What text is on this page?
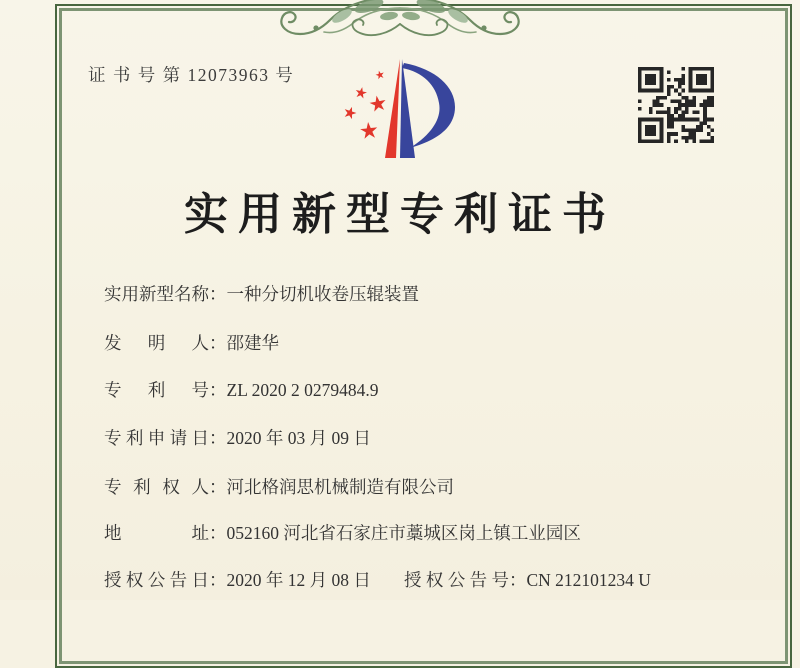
证 书 号 第 12073963 号
实用新型专利证书
实用新型名称：一种分切机收卷压辊装置
发明人：邵建华
专利号：ZL 2020 2 0279484.9
专利申请日：2020 年 03 月 09 日
专利权人：河北格润思机械制造有限公司
地址：052160 河北省石家庄市藁城区岗上镇工业园区
授权公告日：2020 年 12 月 08 日 授权公告号：CN 212101234 U
